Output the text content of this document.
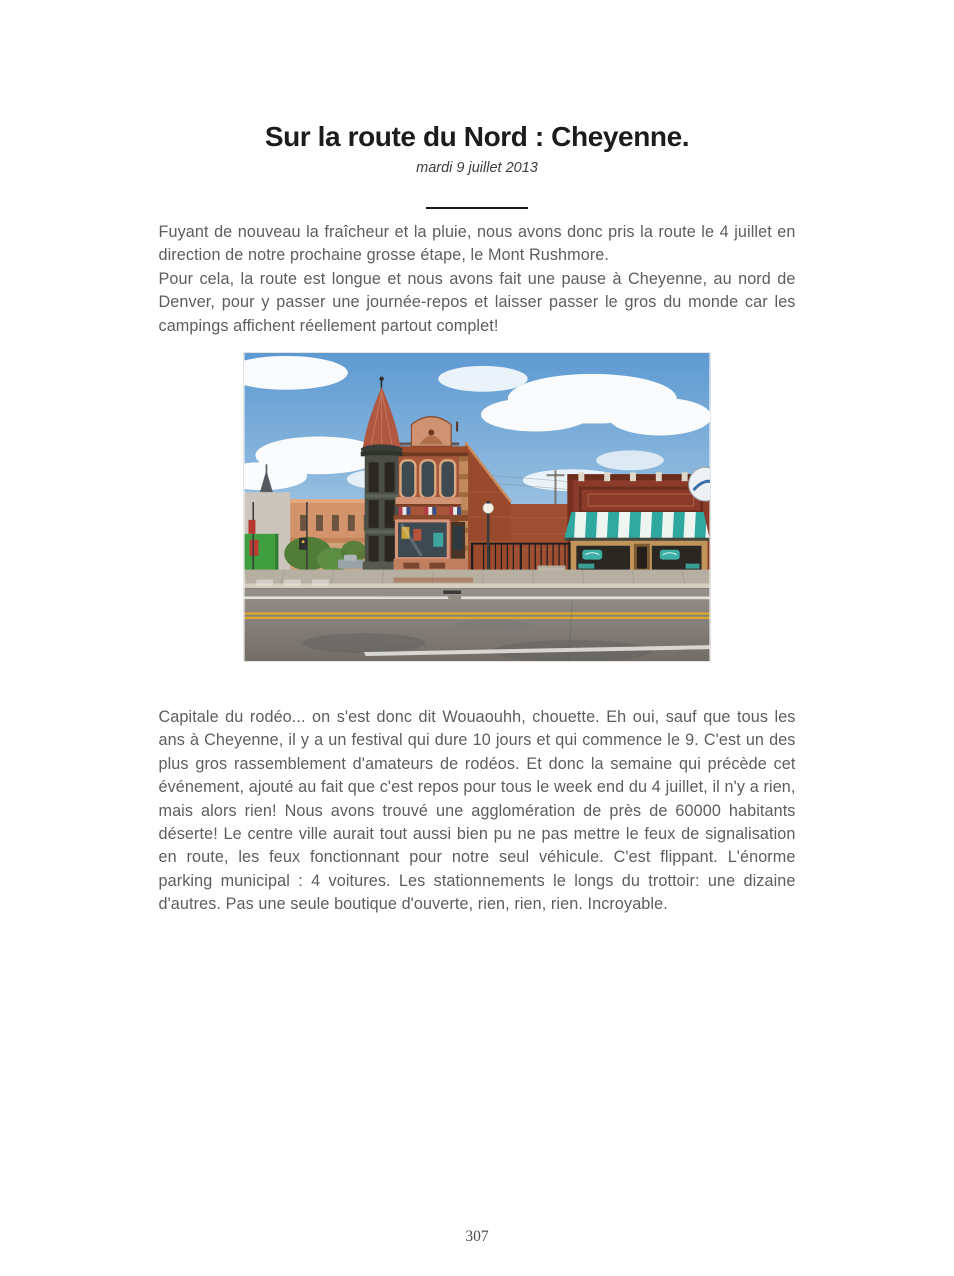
Sur la route du Nord : Cheyenne.
mardi 9 juillet 2013

Fuyant de nouveau la fraîcheur et la pluie, nous avons donc pris la route le 4 juillet en direction de notre prochaine grosse étape, le Mont Rushmore.

Pour cela, la route est longue et nous avons fait une pause à Cheyenne, au nord de Denver, pour y passer une journée-repos et laisser passer le gros du monde car les campings affichent réellement partout complet!

Capitale du rodéo... on s'est donc dit Wouaouhh, chouette. Eh oui, sauf que tous les ans à Cheyenne, il y a un festival qui dure 10 jours et qui commence le 9. C'est un des plus gros rassemblement d'amateurs de rodéos. Et donc la semaine qui précède cet événement, ajouté au fait que c'est repos pour tous le week end du 4 juillet, il n'y a rien, mais alors rien! Nous avons trouvé une agglomération de près de 60000 habitants déserte! Le centre ville aurait tout aussi bien pu ne pas mettre le feux de signalisation en route, les feux fonctionnant pour notre seul véhicule. C'est flippant. L'énorme parking municipal : 4 voitures. Les stationnements le longs du trottoir: une dizaine d'autres. Pas une seule boutique d'ouverte, rien, rien, rien. Incroyable.

307
